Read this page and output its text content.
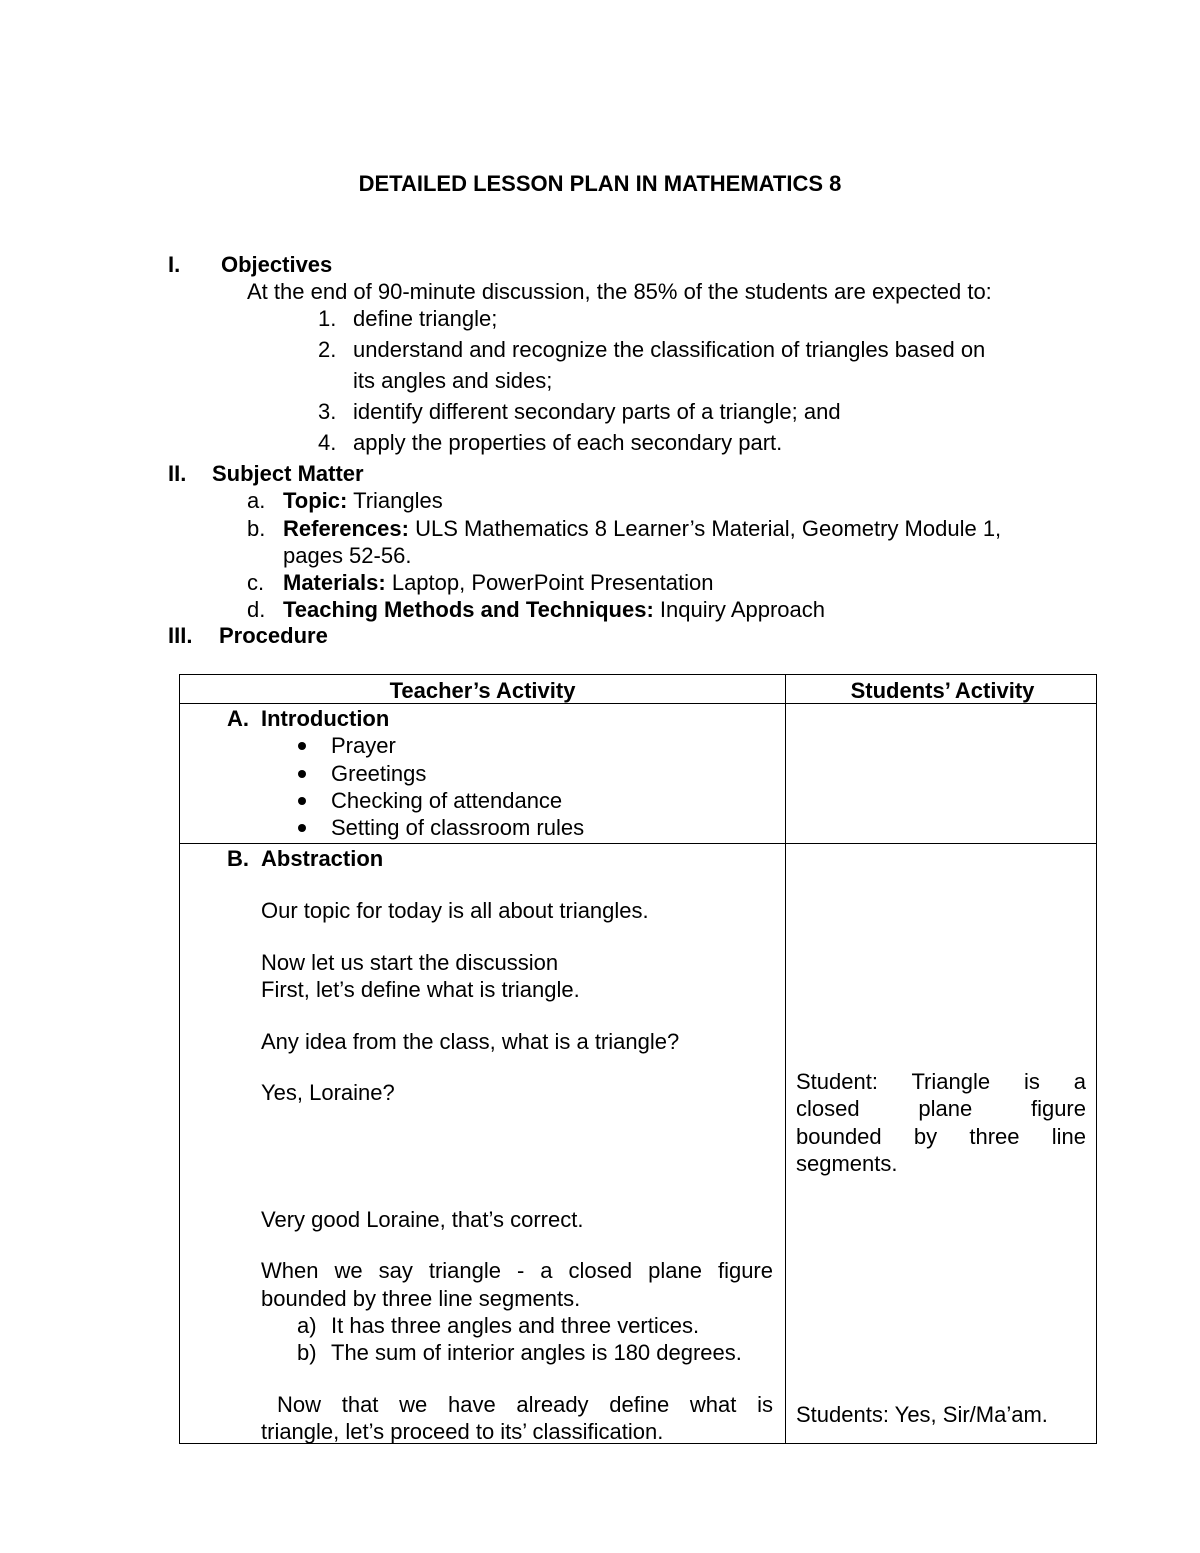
DETAILED LESSON PLAN IN MATHEMATICS 8
I. Objectives
At the end of 90-minute discussion, the 85% of the students are expected to:
1. define triangle;
2. understand and recognize the classification of triangles based on
its angles and sides;
3. identify different secondary parts of a triangle; and
4. apply the properties of each secondary part.
II. Subject Matter
a. Topic: Triangles
b. References: ULS Mathematics 8 Learner’s Material, Geometry Module 1,
pages 52-56.
c. Materials: Laptop, PowerPoint Presentation
d. Teaching Methods and Techniques: Inquiry Approach
III. Procedure
Teacher’s Activity	Students’ Activity
A. Introduction
Prayer
Greetings
Checking of attendance
Setting of classroom rules
B. Abstraction
Our topic for today is all about triangles.
Now let us start the discussion
First, let’s define what is triangle.
Any idea from the class, what is a triangle?
Yes, Loraine?	Student: Triangle is a
closed plane figure
bounded by three line
segments.
Very good Loraine, that’s correct.
When we say triangle - a closed plane figure
bounded by three line segments.
a) It has three angles and three vertices.
b) The sum of interior angles is 180 degrees.
Now that we have already define what is
triangle, let’s proceed to its’ classification.
Students: Yes, Sir/Ma’am.
